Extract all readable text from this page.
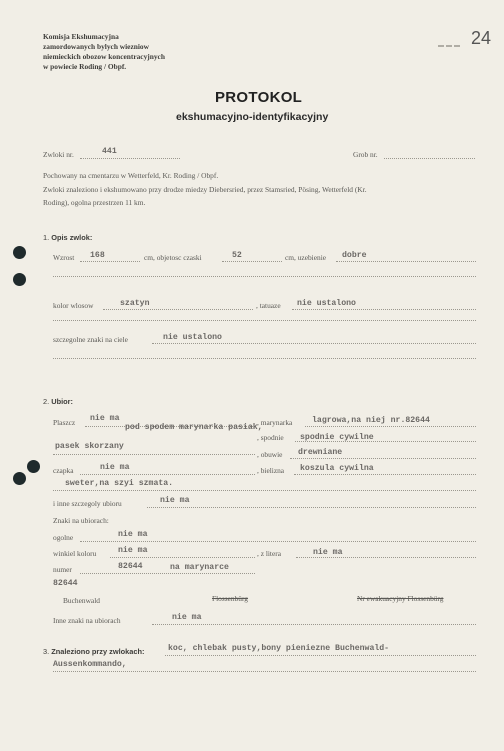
Komisja Ekshumacyjna
zamordowanych bylych wiezniow
niemieckich obozow koncentracyjnych
w powiecie Roding / Obpf.
24
PROTOKOL
ekshumacyjno-identyfikacyjny
Zwloki nr.	441	Grob nr.
Pochowany na cmentarzu w Wetterfeld, Kr. Roding / Obpf.
Zwloki znaleziono i ekshumowano przy drodze miedzy Diebersried, przez Stamsried, Pösing, Wetterfeld (Kr.
Roding), ogolna przestrzen 11 km.
1. Opis zwlok:
Wzrost 168	cm, objetosc czaski	52	cm, uzebienie dobre
kolor wlosow	szatyn	, tatuaze nie ustalono
szczegolne znaki na ciele	nie ustalono
2. Ubior:
Plaszcz nie ma
pod spodem marynarka pasiak,
, marynarka lagrowa,na niej nr.82644
, spodnie spodnie cywilne
pasek skorzany
, obuwie drewniane
czapka	nie ma	, bielizna koszula cywilna
sweter,na szyi szmata.
i inne szczegoly ubioru	nie ma
Znaki na ubiorach:
ogolne	nie ma
winkiel koloru	nie ma	, z litera	nie ma
numer	82644	na marynarce
82644
Buchenwald	Flossenbürg	Nr ewakuacyjny Flossenbürg
Inne znaki na ubiorach	nie ma
3. Znaleziono przy zwlokach:	koc, chlebak pusty,bony pieniezne Buchenwald-
Aussenkommando,
